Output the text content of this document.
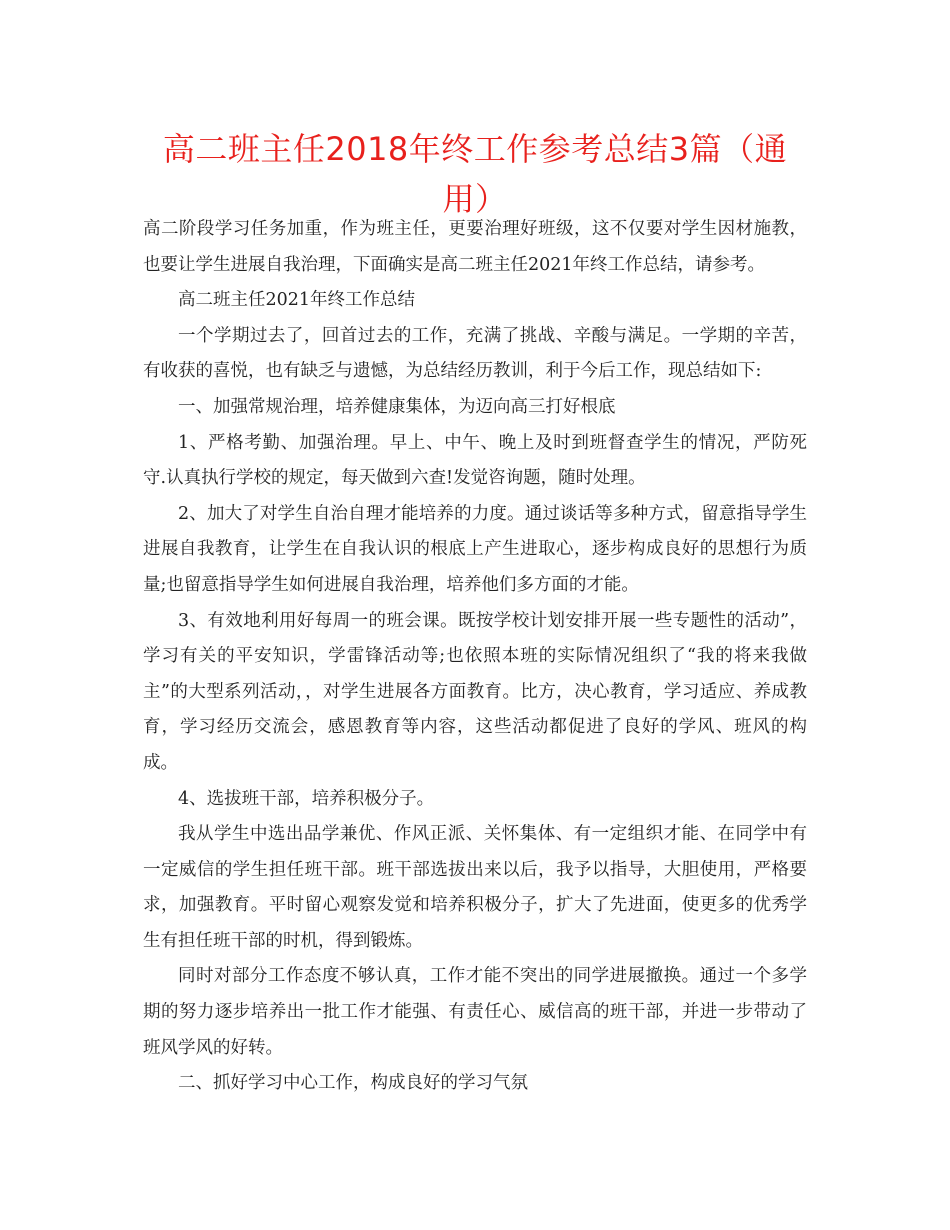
高二班主任2018年终工作参考总结3篇（通用）

高二阶段学习任务加重，作为班主任，更要治理好班级，这不仅要对学生因材施教，也要让学生进展自我治理，下面确实是高二班主任2021年终工作总结，请参考。

高二班主任2021年终工作总结

一个学期过去了，回首过去的工作，充满了挑战、辛酸与满足。一学期的辛苦，有收获的喜悦，也有缺乏与遗憾，为总结经历教训，利于今后工作，现总结如下:

一、加强常规治理，培养健康集体，为迈向高三打好根底

1、严格考勤、加强治理。早上、中午、晚上及时到班督查学生的情况，严防死守.认真执行学校的规定，每天做到六查!发觉咨询题，随时处理。

2、加大了对学生自治自理才能培养的力度。通过谈话等多种方式，留意指导学生进展自我教育，让学生在自我认识的根底上产生进取心，逐步构成良好的思想行为质量;也留意指导学生如何进展自我治理，培养他们多方面的才能。

3、有效地利用好每周一的班会课。既按学校计划安排开展一些专题性的活动”，学习有关的平安知识，学雷锋活动等;也依照本班的实际情况组织了“我的将来我做主”的大型系列活动，，对学生进展各方面教育。比方，决心教育，学习适应、养成教育，学习经历交流会，感恩教育等内容，这些活动都促进了良好的学风、班风的构成。

4、选拔班干部，培养积极分子。

我从学生中选出品学兼优、作风正派、关怀集体、有一定组织才能、在同学中有一定威信的学生担任班干部。班干部选拔出来以后，我予以指导，大胆使用，严格要求，加强教育。平时留心观察发觉和培养积极分子，扩大了先进面，使更多的优秀学生有担任班干部的时机，得到锻炼。

同时对部分工作态度不够认真，工作才能不突出的同学进展撤换。通过一个多学期的努力逐步培养出一批工作才能强、有责任心、威信高的班干部，并进一步带动了班风学风的好转。

二、抓好学习中心工作，构成良好的学习气氛
